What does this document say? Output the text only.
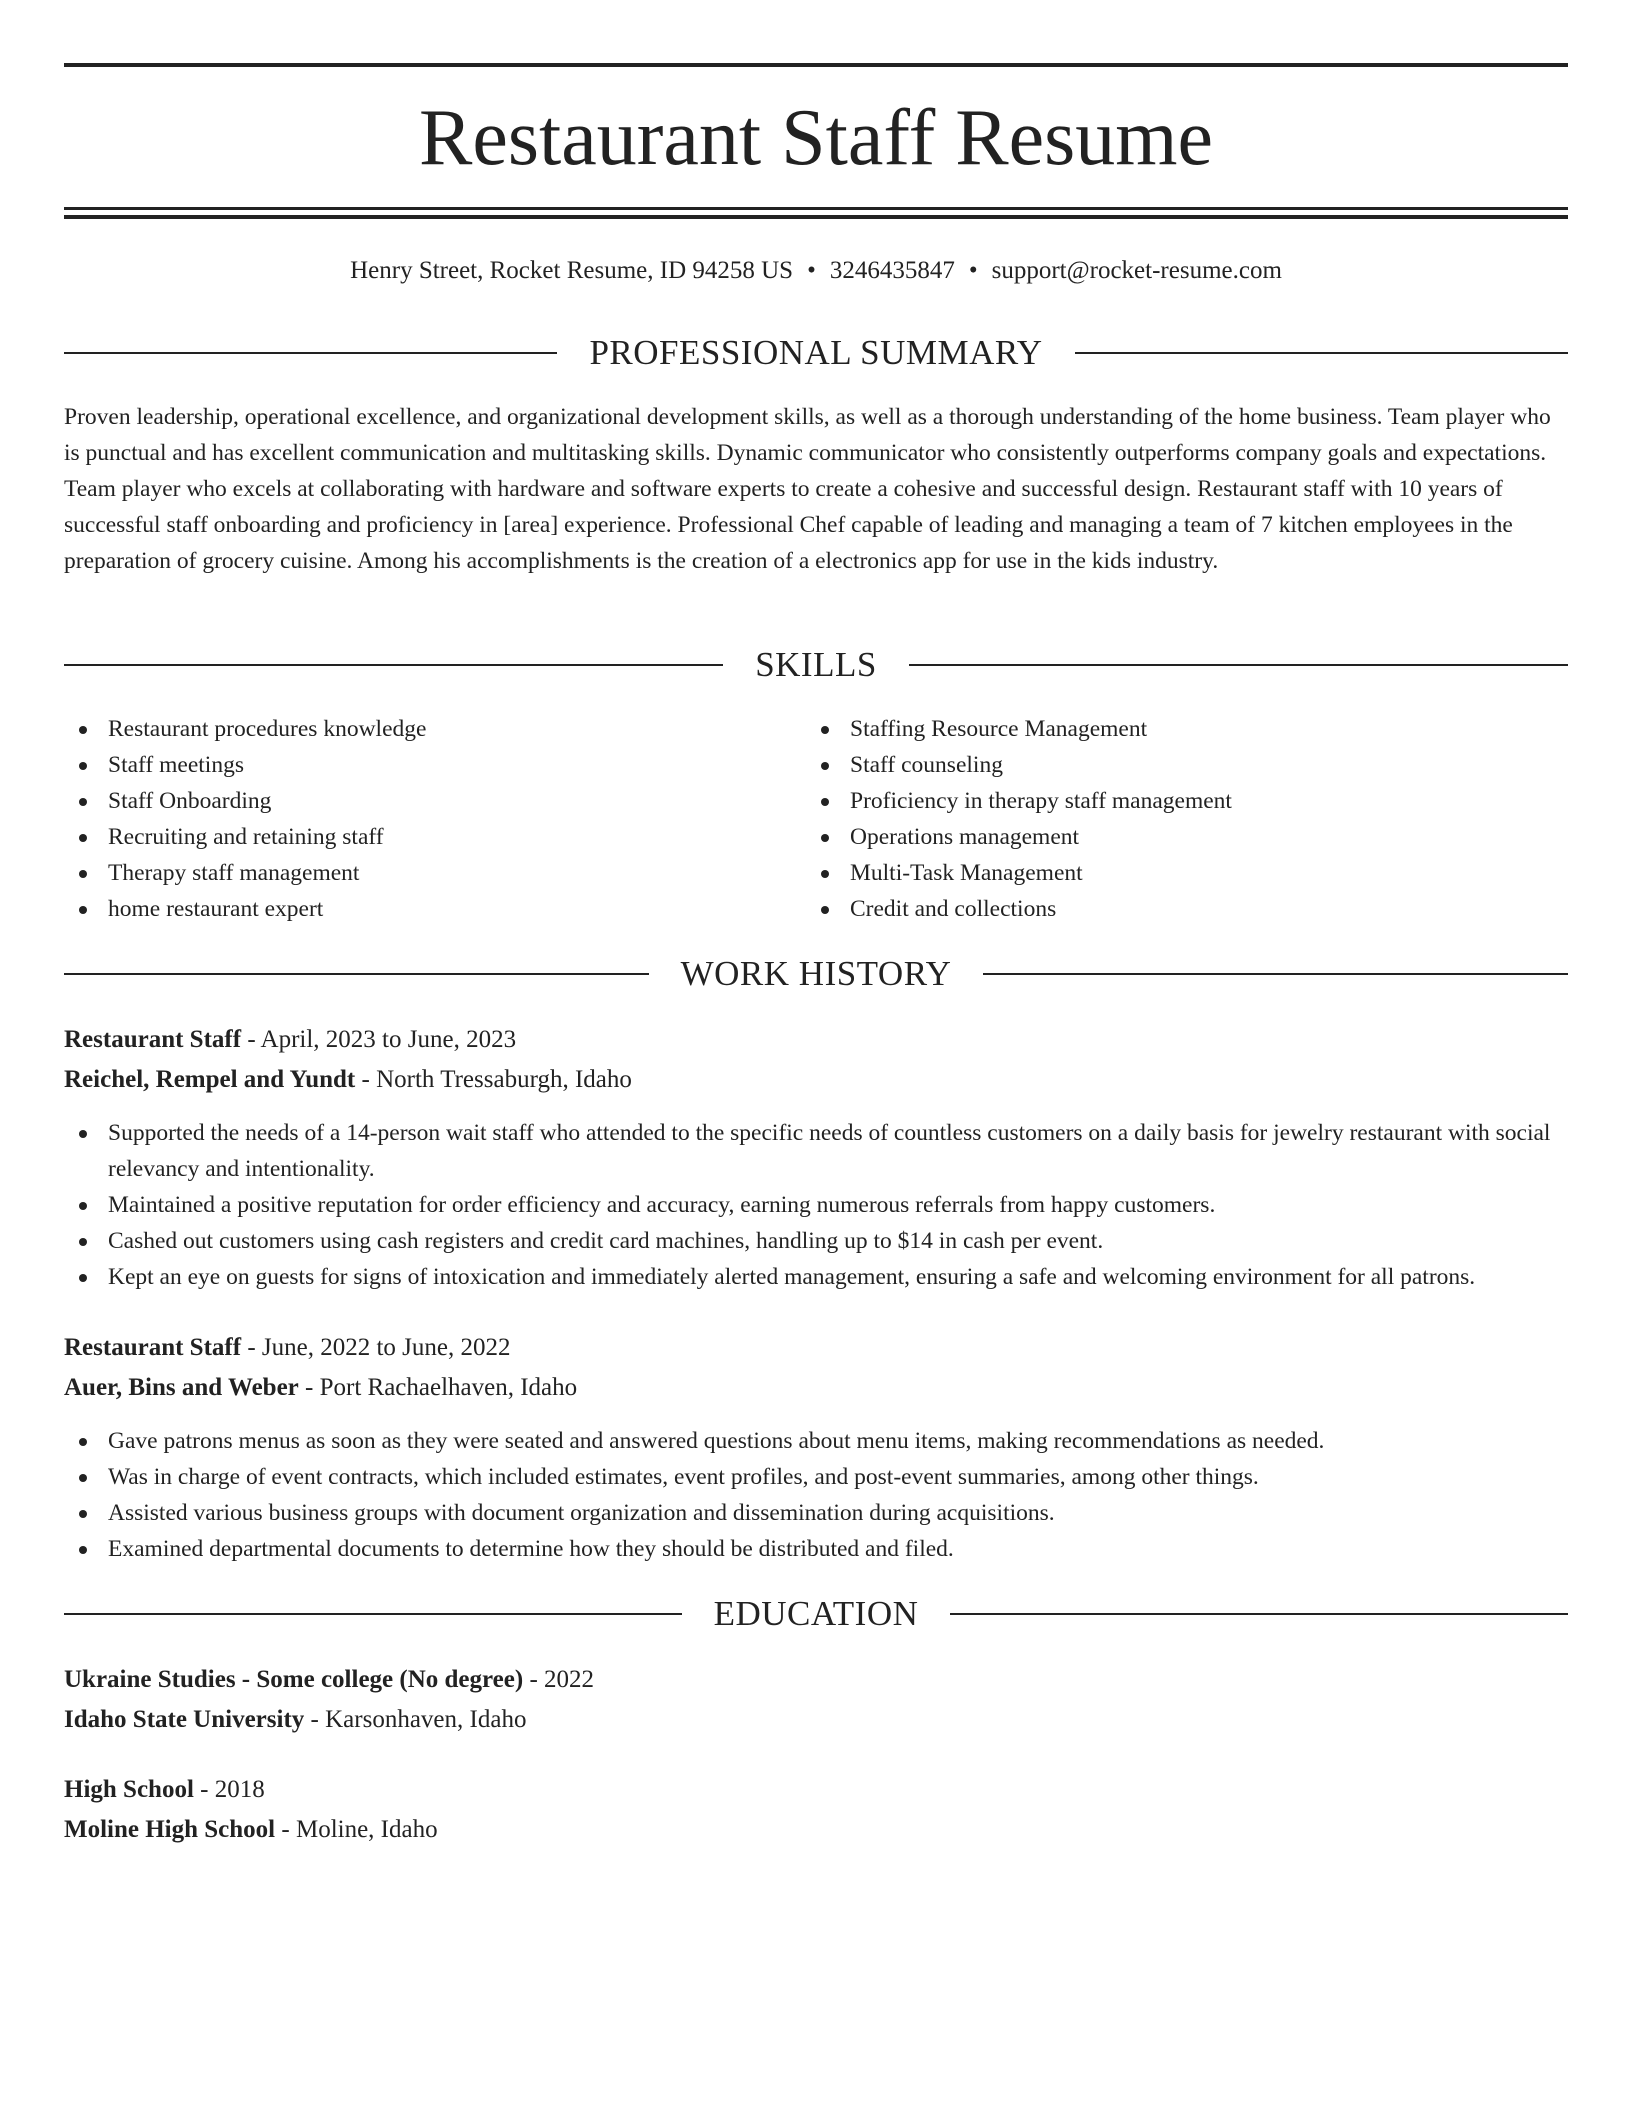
Restaurant Staff Resume
Henry Street, Rocket Resume, ID 94258 US • 3246435847 • support@rocket-resume.com
PROFESSIONAL SUMMARY

Proven leadership, operational excellence, and organizational development skills, as well as a thorough understanding of the home business. Team player who is punctual and has excellent communication and multitasking skills. Dynamic communicator who consistently outperforms company goals and expectations. Team player who excels at collaborating with hardware and software experts to create a cohesive and successful design. Restaurant staff with 10 years of successful staff onboarding and proficiency in [area] experience. Professional Chef capable of leading and managing a team of 7 kitchen employees in the preparation of grocery cuisine. Among his accomplishments is the creation of a electronics app for use in the kids industry.

SKILLS
Restaurant procedures knowledge
Staff meetings
Staff Onboarding
Recruiting and retaining staff
Therapy staff management
home restaurant expert
Staffing Resource Management
Staff counseling
Proficiency in therapy staff management
Operations management
Multi-Task Management
Credit and collections
WORK HISTORY
Restaurant Staff - April, 2023 to June, 2023
Reichel, Rempel and Yundt - North Tressaburgh, Idaho
Supported the needs of a 14-person wait staff who attended to the specific needs of countless customers on a daily basis for jewelry restaurant with social relevancy and intentionality.
Maintained a positive reputation for order efficiency and accuracy, earning numerous referrals from happy customers.
Cashed out customers using cash registers and credit card machines, handling up to $14 in cash per event.
Kept an eye on guests for signs of intoxication and immediately alerted management, ensuring a safe and welcoming environment for all patrons.
Restaurant Staff - June, 2022 to June, 2022
Auer, Bins and Weber - Port Rachaelhaven, Idaho
Gave patrons menus as soon as they were seated and answered questions about menu items, making recommendations as needed.
Was in charge of event contracts, which included estimates, event profiles, and post-event summaries, among other things.
Assisted various business groups with document organization and dissemination during acquisitions.
Examined departmental documents to determine how they should be distributed and filed.
EDUCATION
Ukraine Studies - Some college (No degree) - 2022
Idaho State University - Karsonhaven, Idaho
High School - 2018
Moline High School - Moline, Idaho
